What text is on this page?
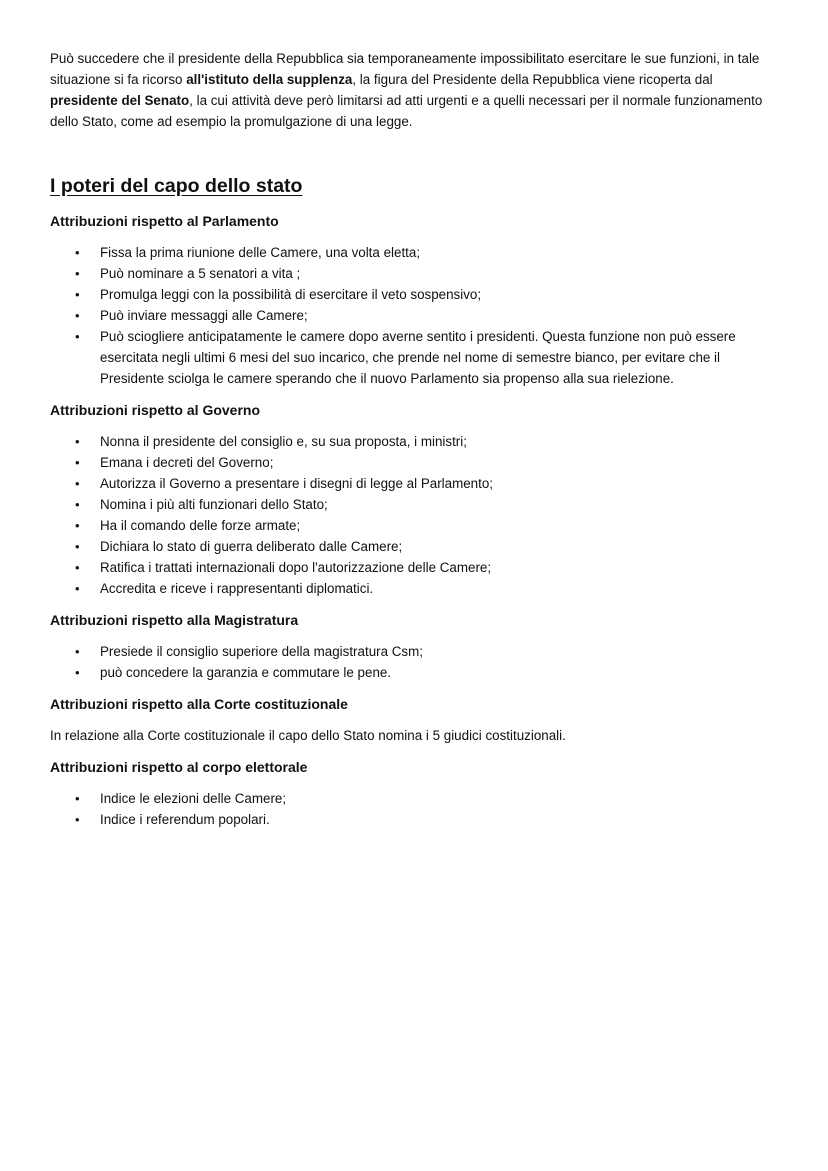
Può succedere che il presidente della Repubblica sia temporaneamente impossibilitato esercitare le sue funzioni, in tale situazione si fa ricorso all'istituto della supplenza, la figura del Presidente della Repubblica viene ricoperta dal presidente del Senato, la cui attività deve però limitarsi ad atti urgenti e a quelli necessari per il normale funzionamento dello Stato, come ad esempio la promulgazione di una legge.

I poteri del capo dello stato
Attribuzioni rispetto al Parlamento
• Fissa la prima riunione delle Camere, una volta eletta;
• Può nominare a 5 senatori a vita ;
• Promulga leggi con la possibilità di esercitare il veto sospensivo;
• Può inviare messaggi alle Camere;
• Può sciogliere anticipatamente le camere dopo averne sentito i presidenti. Questa funzione non può essere esercitata negli ultimi 6 mesi del suo incarico, che prende nel nome di semestre bianco, per evitare che il Presidente sciolga le camere sperando che il nuovo Parlamento sia propenso alla sua rielezione.
Attribuzioni rispetto al Governo
• Nonna il presidente del consiglio e, su sua proposta, i ministri;
• Emana i decreti del Governo;
• Autorizza il Governo a presentare i disegni di legge al Parlamento;
• Nomina i più alti funzionari dello Stato;
• Ha il comando delle forze armate;
• Dichiara lo stato di guerra deliberato dalle Camere;
• Ratifica i trattati internazionali dopo l'autorizzazione delle Camere;
• Accredita e riceve i rappresentanti diplomatici.
Attribuzioni rispetto alla Magistratura
• Presiede il consiglio superiore della magistratura Csm;
• può concedere la garanzia e commutare le pene.
Attribuzioni rispetto alla Corte costituzionale

In relazione alla Corte costituzionale il capo dello Stato nomina i 5 giudici costituzionali.

Attribuzioni rispetto al corpo elettorale
• Indice le elezioni delle Camere;
• Indice i referendum popolari.
